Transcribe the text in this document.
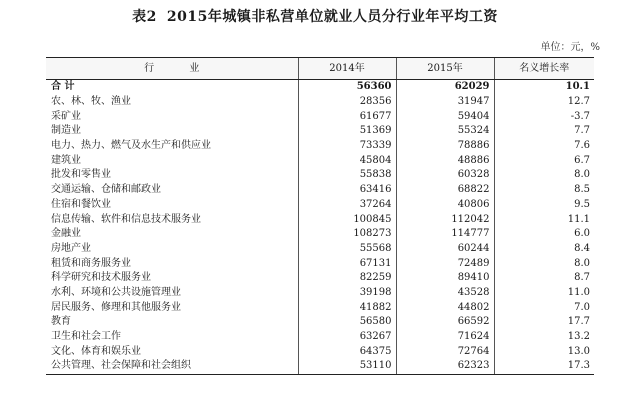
表2 2015年城镇非私营单位就业人员分行业年平均工资
单位：元，%
行 业	2014年	2015年	名义增长率
合 计	56360	62029	10.1
农、林、牧、渔业	28356	31947	12.7
采矿业	61677	59404	-3.7
制造业	51369	55324	7.7
电力、热力、燃气及水生产和供应业	73339	78886	7.6
建筑业	45804	48886	6.7
批发和零售业	55838	60328	8.0
交通运输、仓储和邮政业	63416	68822	8.5
住宿和餐饮业	37264	40806	9.5
信息传输、软件和信息技术服务业	100845	112042	11.1
金融业	108273	114777	6.0
房地产业	55568	60244	8.4
租赁和商务服务业	67131	72489	8.0
科学研究和技术服务业	82259	89410	8.7
水利、环境和公共设施管理业	39198	43528	11.0
居民服务、修理和其他服务业	41882	44802	7.0
教育	56580	66592	17.7
卫生和社会工作	63267	71624	13.2
文化、体育和娱乐业	64375	72764	13.0
公共管理、社会保障和社会组织	53110	62323	17.3
